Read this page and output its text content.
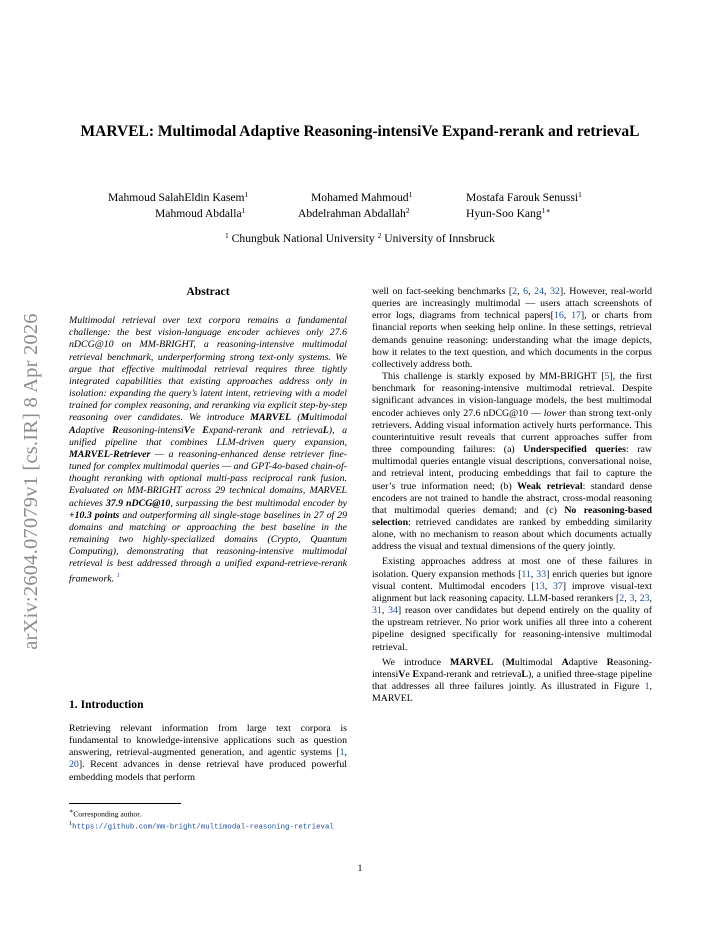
arXiv:2604.07079v1 [cs.IR] 8 Apr 2026
MARVEL: Multimodal Adaptive Reasoning-intensiVe Expand-rerank and retrievaL
Mahmoud SalahEldin Kasem$^1$	Mohamed Mahmoud$^1$	Mostafa Farouk Senussi$^1$
Mahmoud Abdalla$^1$	Abdelrahman Abdallah$^2$	Hyun-Soo Kang$^{1∗}$
$^1$ Chungbuk National University $^2$ University of Innsbruck
Abstract

Multimodal retrieval over text corpora remains a fundamental challenge: the best vision-language encoder achieves only 27.6 nDCG@10 on MM-BRIGHT, a reasoning-intensive multimodal retrieval benchmark, underperforming strong text-only systems. We argue that effective multimodal retrieval requires three tightly integrated capabilities that existing approaches address only in isolation: expanding the query’s latent intent, retrieving with a model trained for complex reasoning, and reranking via explicit step-by-step reasoning over candidates. We introduce MARVEL (Multimodal Adaptive Reasoning-intensiVe Expand-rerank and retrievaL), a unified pipeline that combines LLM-driven query expansion, MARVEL-Retriever — a reasoning-enhanced dense retriever fine-tuned for complex multimodal queries — and GPT-4o-based chain-of-thought reranking with optional multi-pass reciprocal rank fusion. Evaluated on MM-BRIGHT across 29 technical domains, MARVEL achieves 37.9 nDCG@10, surpassing the best multimodal encoder by +10.3 points and outperforming all single-stage baselines in 27 of 29 domains and matching or approaching the best baseline in the remaining two highly-specialized domains (Crypto, Quantum Computing), demonstrating that reasoning-intensive multimodal retrieval is best addressed through a unified expand-retrieve-rerank framework. $^1$

1. Introduction

Retrieving relevant information from large text corpora is fundamental to knowledge-intensive applications such as question answering, retrieval-augmented generation, and agentic systems [1, 20]. Recent advances in dense retrieval have produced powerful embedding models that perform

well on fact-seeking benchmarks [2, 6, 24, 32]. However, real-world queries are increasingly multimodal — users attach screenshots of error logs, diagrams from technical papers[16, 17], or charts from financial reports when seeking help online. In these settings, retrieval demands genuine reasoning: understanding what the image depicts, how it relates to the text question, and which documents in the corpus collectively address both.

This challenge is starkly exposed by MM-BRIGHT [5], the first benchmark for reasoning-intensive multimodal retrieval. Despite significant advances in vision-language models, the best multimodal encoder achieves only 27.6 nDCG@10 — lower than strong text-only retrievers. Adding visual information actively hurts performance. This counterintuitive result reveals that current approaches suffer from three compounding failures: (a) Underspecified queries: raw multimodal queries entangle visual descriptions, conversational noise, and retrieval intent, producing embeddings that fail to capture the user’s true information need; (b) Weak retrieval: standard dense encoders are not trained to handle the abstract, cross-modal reasoning that multimodal queries demand; and (c) No reasoning-based selection: retrieved candidates are ranked by embedding similarity alone, with no mechanism to reason about which documents actually address the visual and textual dimensions of the query jointly.

Existing approaches address at most one of these failures in isolation. Query expansion methods [11, 33] enrich queries but ignore visual content. Multimodal encoders [13, 37] improve visual-text alignment but lack reasoning capacity. LLM-based rerankers [2, 3, 23, 31, 34] reason over candidates but depend entirely on the quality of the upstream retriever. No prior work unifies all three into a coherent pipeline designed specifically for reasoning-intensive multimodal retrieval.

We introduce MARVEL (Multimodal Adaptive Reasoning-intensiVe Expand-rerank and retrievaL), a unified three-stage pipeline that addresses all three failures jointly. As illustrated in Figure 1, MARVEL

∗Corresponding author.
$^1$https://github.com/mm-bright/multimodal-reasoning-retrieval
1
